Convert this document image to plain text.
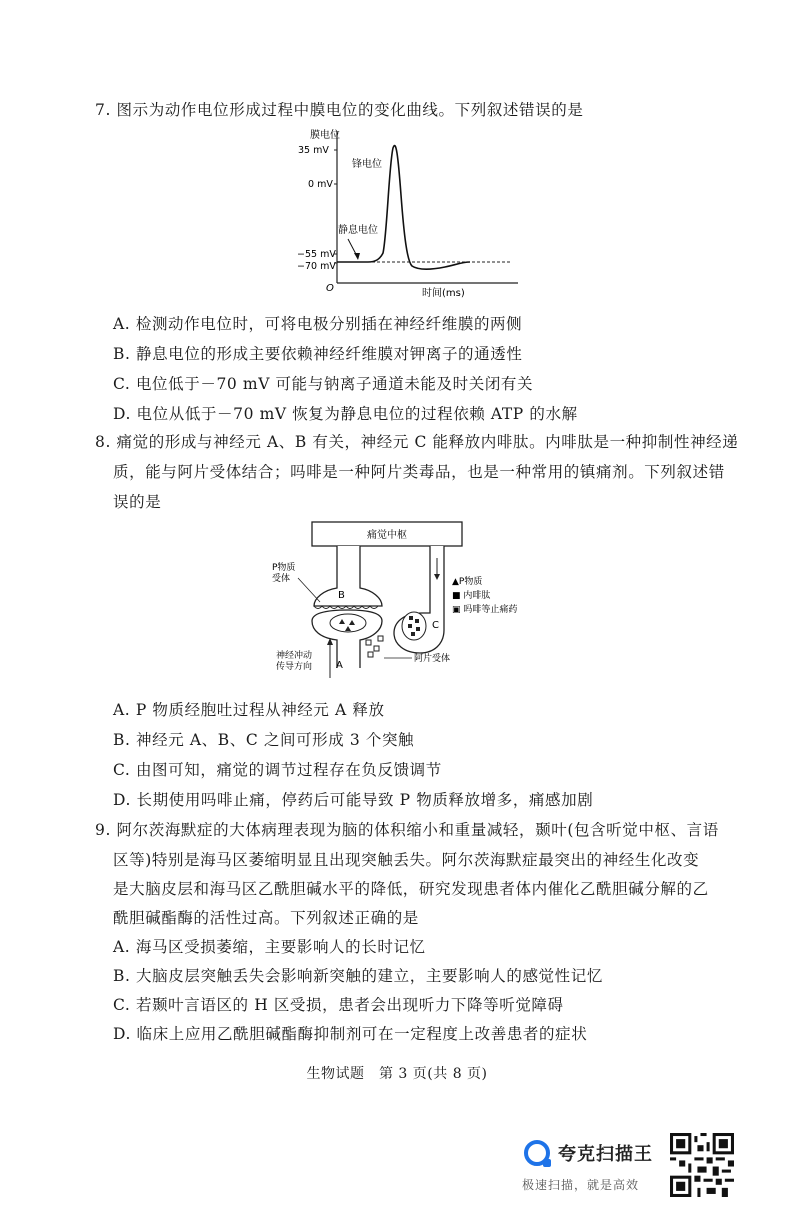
7. 图示为动作电位形成过程中膜电位的变化曲线。下列叙述错误的是
膜电位
35 mV
0 mV
−55 mV
−70 mV
锋电位
静息电位
O	时间(ms)
A. 检测动作电位时，可将电极分别插在神经纤维膜的两侧
B. 静息电位的形成主要依赖神经纤维膜对钾离子的通透性
C. 电位低于－70 mV 可能与钠离子通道未能及时关闭有关
D. 电位从低于－70 mV 恢复为静息电位的过程依赖 ATP 的水解
8. 痛觉的形成与神经元 A、B 有关，神经元 C 能释放内啡肽。内啡肽是一种抑制性神经递
质，能与阿片受体结合；吗啡是一种阿片类毒品，也是一种常用的镇痛剂。下列叙述错
误的是
痛觉中枢
B
P物质
受体
A
神经冲动
传导方向
阿片受体
C
▲P物质
■ 内啡肽
▣ 吗啡等止痛药
A. P 物质经胞吐过程从神经元 A 释放
B. 神经元 A、B、C 之间可形成 3 个突触
C. 由图可知，痛觉的调节过程存在负反馈调节
D. 长期使用吗啡止痛，停药后可能导致 P 物质释放增多，痛感加剧
9. 阿尔茨海默症的大体病理表现为脑的体积缩小和重量减轻，颞叶(包含听觉中枢、言语
区等)特别是海马区萎缩明显且出现突触丢失。阿尔茨海默症最突出的神经生化改变
是大脑皮层和海马区乙酰胆碱水平的降低，研究发现患者体内催化乙酰胆碱分解的乙
酰胆碱酯酶的活性过高。下列叙述正确的是
A. 海马区受损萎缩，主要影响人的长时记忆
B. 大脑皮层突触丢失会影响新突触的建立，主要影响人的感觉性记忆
C. 若颞叶言语区的 H 区受损，患者会出现听力下降等听觉障碍
D. 临床上应用乙酰胆碱酯酶抑制剂可在一定程度上改善患者的症状
生物试题　第 3 页(共 8 页)
夸克扫描王
极速扫描，就是高效
